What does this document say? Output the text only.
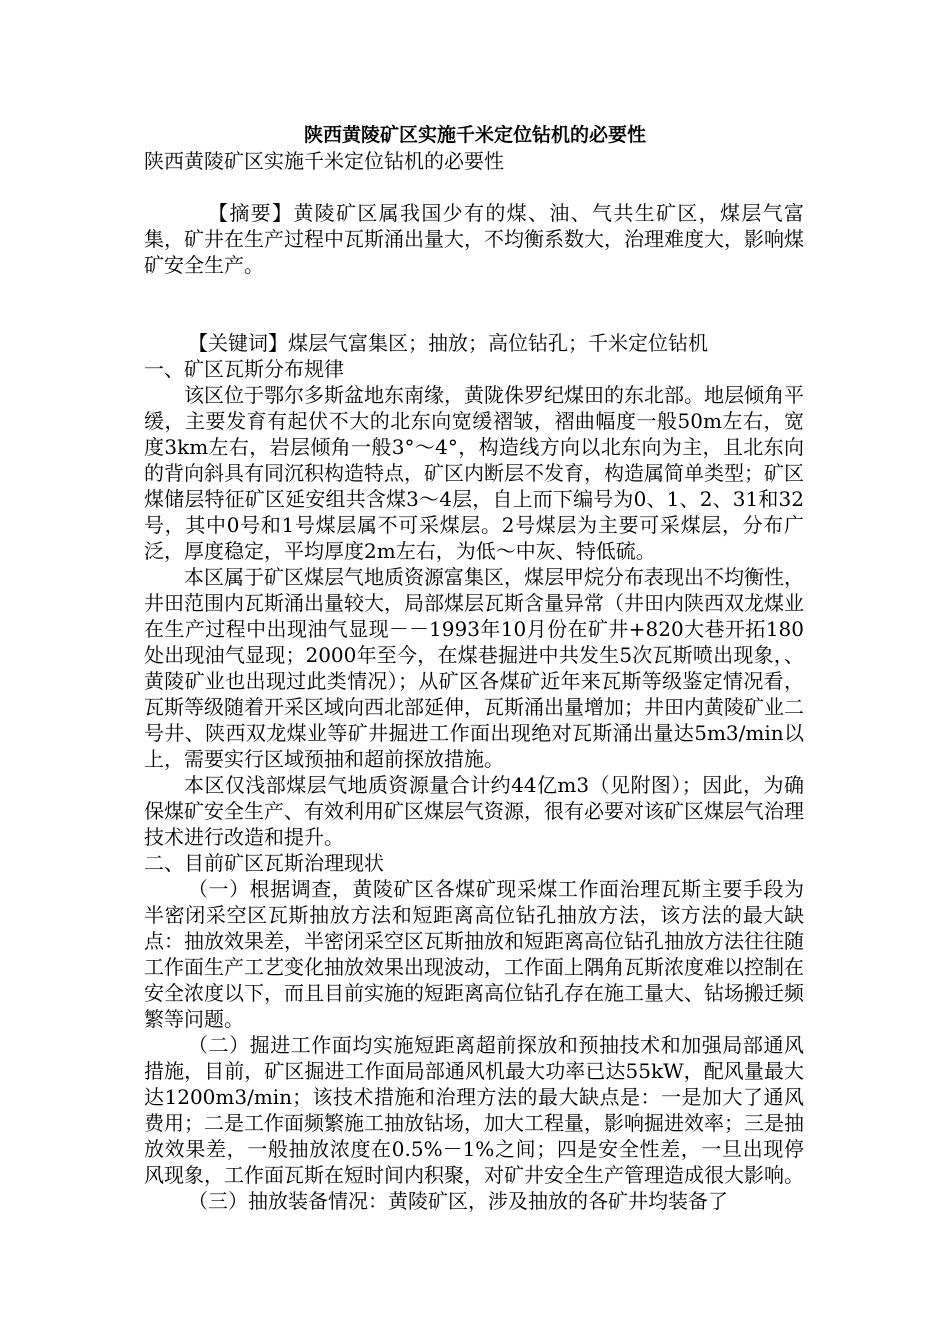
陕西黄陵矿区实施千米定位钻机的必要性

陕西黄陵矿区实施千米定位钻机的必要性

【摘要】黄陵矿区属我国少有的煤、油、气共生矿区，煤层气富集，矿井在生产过程中瓦斯涌出量大，不均衡系数大，治理难度大，影响煤矿安全生产。

【关键词】煤层气富集区；抽放；高位钻孔；千米定位钻机

一、矿区瓦斯分布规律

该区位于鄂尔多斯盆地东南缘，黄陇侏罗纪煤田的东北部。地层倾角平缓，主要发育有起伏不大的北东向宽缓褶皱，褶曲幅度一般50m左右，宽度3km左右，岩层倾角一般3°～4°，构造线方向以北东向为主，且北东向的背向斜具有同沉积构造特点，矿区内断层不发育，构造属简单类型；矿区煤储层特征矿区延安组共含煤3～4层，自上而下编号为0、1、2、31和32号，其中0号和1号煤层属不可采煤层。2号煤层为主要可采煤层，分布广泛，厚度稳定，平均厚度2m左右，为低～中灰、特低硫。

本区属于矿区煤层气地质资源富集区，煤层甲烷分布表现出不均衡性，井田范围内瓦斯涌出量较大，局部煤层瓦斯含量异常（井田内陕西双龙煤业在生产过程中出现油气显现－－1993年10月份在矿井+820大巷开拓180处出现油气显现；2000年至今，在煤巷掘进中共发生5次瓦斯喷出现象，、黄陵矿业也出现过此类情况）；从矿区各煤矿近年来瓦斯等级鉴定情况看，瓦斯等级随着开采区域向西北部延伸，瓦斯涌出量增加；井田内黄陵矿业二号井、陕西双龙煤业等矿井掘进工作面出现绝对瓦斯涌出量达5m3/min以上，需要实行区域预抽和超前探放措施。

本区仅浅部煤层气地质资源量合计约44亿m3（见附图）；因此，为确保煤矿安全生产、有效利用矿区煤层气资源，很有必要对该矿区煤层气治理技术进行改造和提升。

二、目前矿区瓦斯治理现状

（一）根据调查，黄陵矿区各煤矿现采煤工作面治理瓦斯主要手段为半密闭采空区瓦斯抽放方法和短距离高位钻孔抽放方法，该方法的最大缺点：抽放效果差，半密闭采空区瓦斯抽放和短距离高位钻孔抽放方法往往随工作面生产工艺变化抽放效果出现波动，工作面上隅角瓦斯浓度难以控制在安全浓度以下，而且目前实施的短距离高位钻孔存在施工量大、钻场搬迁频繁等问题。

（二）掘进工作面均实施短距离超前探放和预抽技术和加强局部通风措施，目前，矿区掘进工作面局部通风机最大功率已达55kW，配风量最大达1200m3/min；该技术措施和治理方法的最大缺点是：一是加大了通风费用；二是工作面频繁施工抽放钻场，加大工程量，影响掘进效率；三是抽放效果差，一般抽放浓度在0.5%－1%之间；四是安全性差，一旦出现停风现象，工作面瓦斯在短时间内积聚，对矿井安全生产管理造成很大影响。

（三）抽放装备情况：黄陵矿区，涉及抽放的各矿井均装备了
